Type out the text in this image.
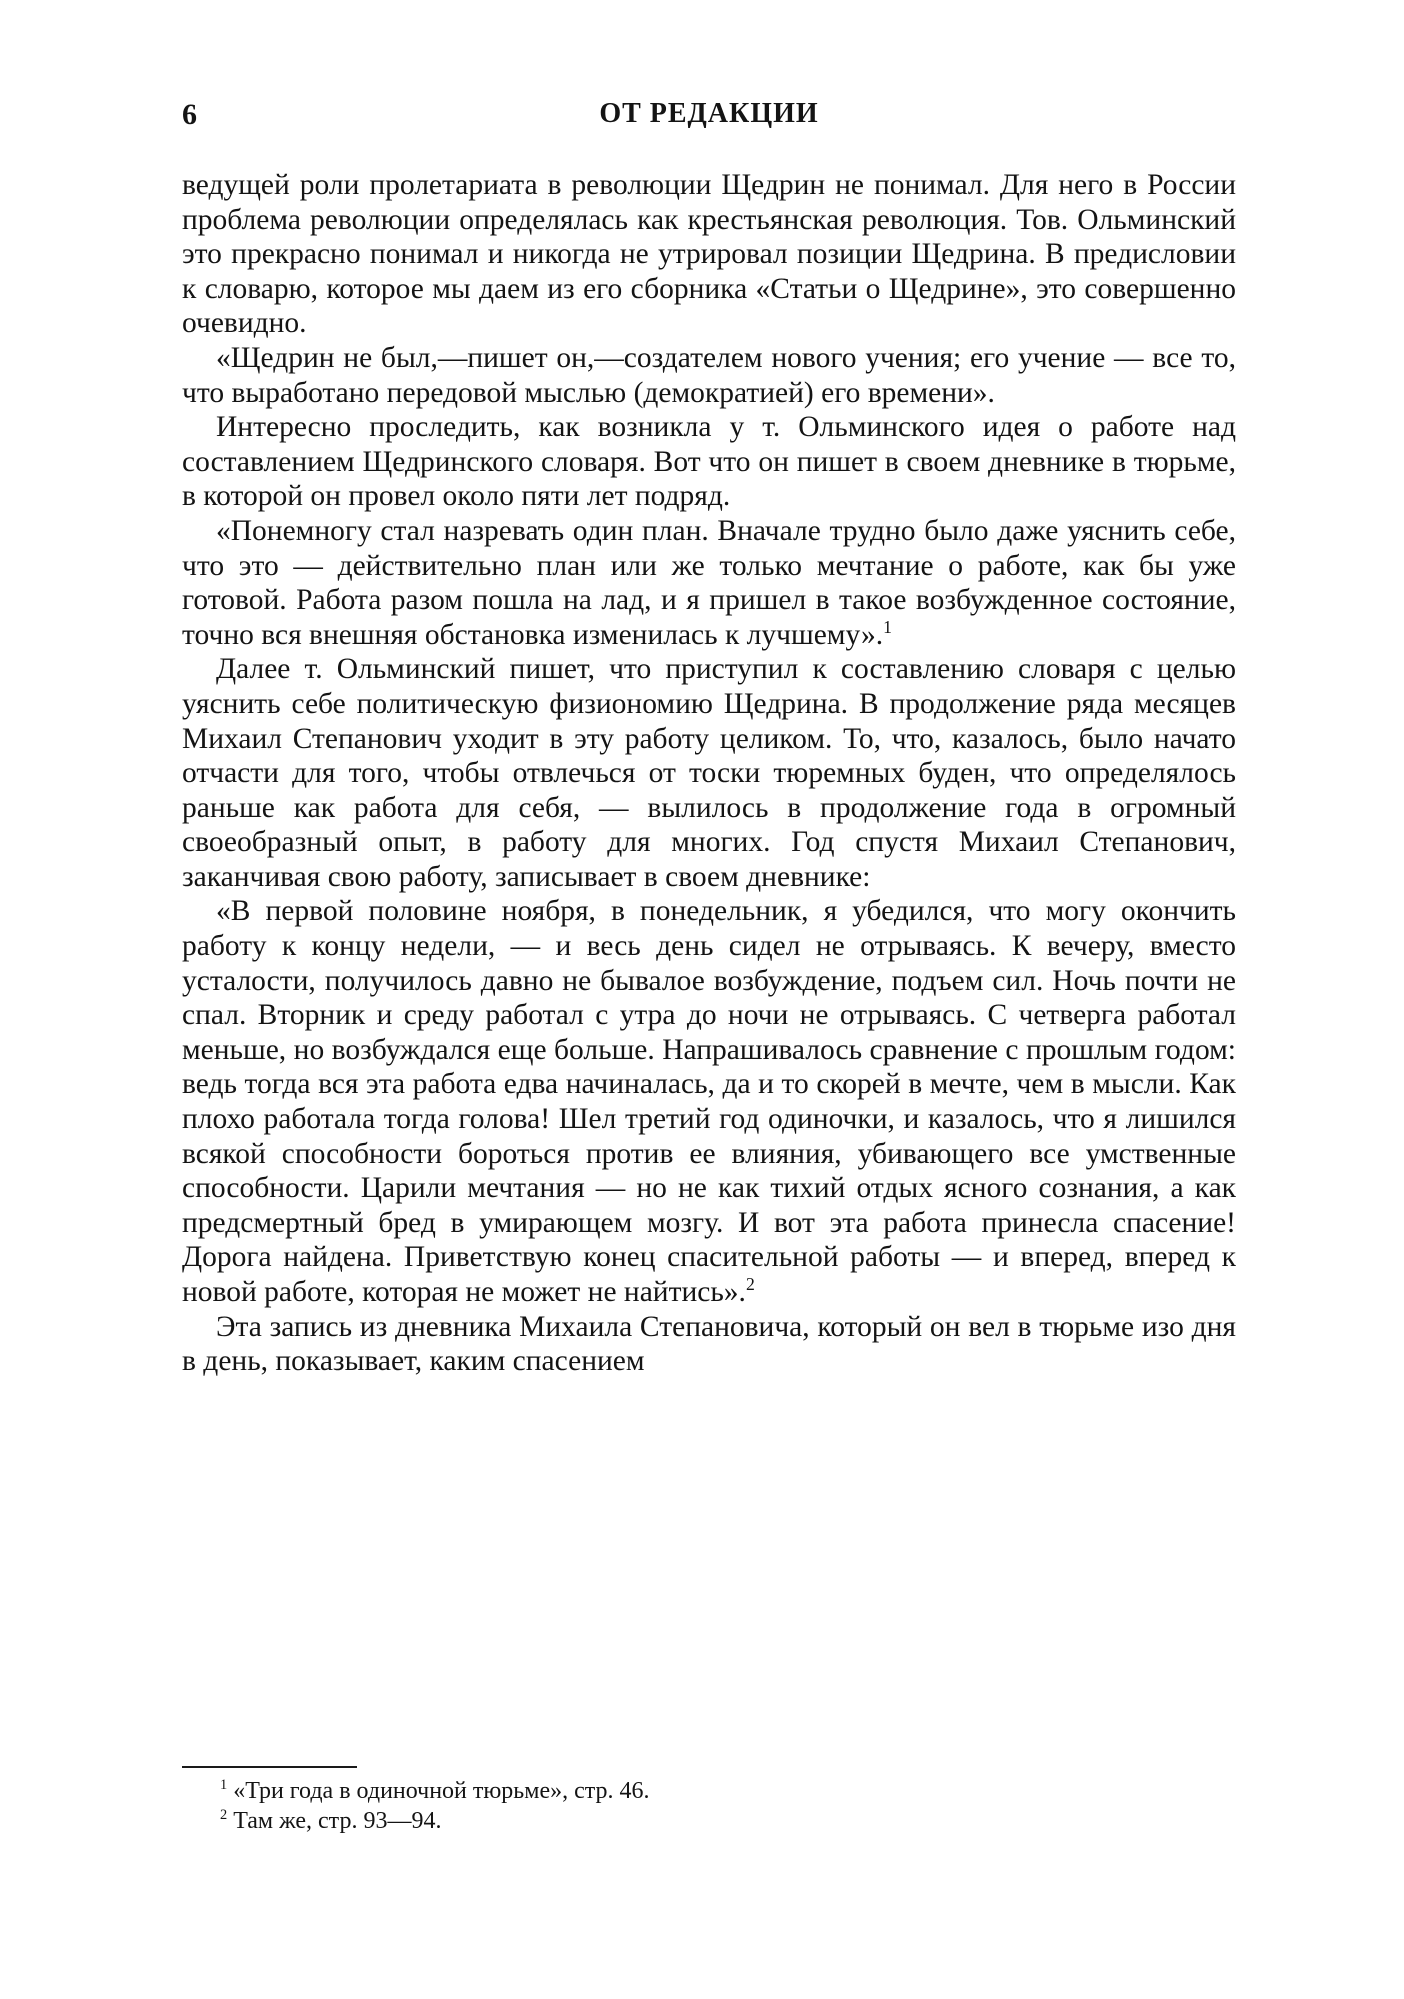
6	ОТ РЕДАКЦИИ

ведущей роли пролетариата в революции Щедрин не понимал. Для него в России проблема революции определялась как крестьянская революция. Тов. Ольминский это прекрасно понимал и никогда не утрировал позиции Щедрина. В предисловии к словарю, которое мы даем из его сборника «Статьи о Щедрине», это совершенно очевидно.

«Щедрин не был,—пишет он,—создателем нового учения; его учение — все то, что выработано передовой мыслью (демократией) его времени».

Интересно проследить, как возникла у т. Ольминского идея о работе над составлением Щедринского словаря. Вот что он пишет в своем дневнике в тюрьме, в которой он провел около пяти лет подряд.

«Понемногу стал назревать один план. Вначале трудно было даже уяснить себе, что это — действительно план или же только мечтание о работе, как бы уже готовой. Работа разом пошла на лад, и я пришел в такое возбужденное состояние, точно вся внешняя обстановка изменилась к лучшему».$^1$

Далее т. Ольминский пишет, что приступил к составлению словаря с целью уяснить себе политическую физиономию Щедрина. В продолжение ряда месяцев Михаил Степанович уходит в эту работу целиком. То, что, казалось, было начато отчасти для того, чтобы отвлечься от тоски тюремных буден, что определялось раньше как работа для себя, — вылилось в продолжение года в огромный своеобразный опыт, в работу для многих. Год спустя Михаил Степанович, заканчивая свою работу, записывает в своем дневнике:

«В первой половине ноября, в понедельник, я убедился, что могу окончить работу к концу недели, — и весь день сидел не отрываясь. К вечеру, вместо усталости, получилось давно не бывалое возбуждение, подъем сил. Ночь почти не спал. Вторник и среду работал с утра до ночи не отрываясь. С четверга работал меньше, но возбуждался еще больше. Напрашивалось сравнение с прошлым годом: ведь тогда вся эта работа едва начиналась, да и то скорей в мечте, чем в мысли. Как плохо работала тогда голова! Шел третий год одиночки, и казалось, что я лишился всякой способности бороться против ее влияния, убивающего все умственные способности. Царили мечтания — но не как тихий отдых ясного сознания, а как предсмертный бред в умирающем мозгу. И вот эта работа принесла спасение! Дорога найдена. Приветствую конец спасительной работы — и вперед, вперед к новой работе, которая не может не найтись».$^2$

Эта запись из дневника Михаила Степановича, который он вел в тюрьме изо дня в день, показывает, каким спасением

$^1$ «Три года в одиночной тюрьме», стр. 46.

$^2$ Там же, стр. 93—94.
